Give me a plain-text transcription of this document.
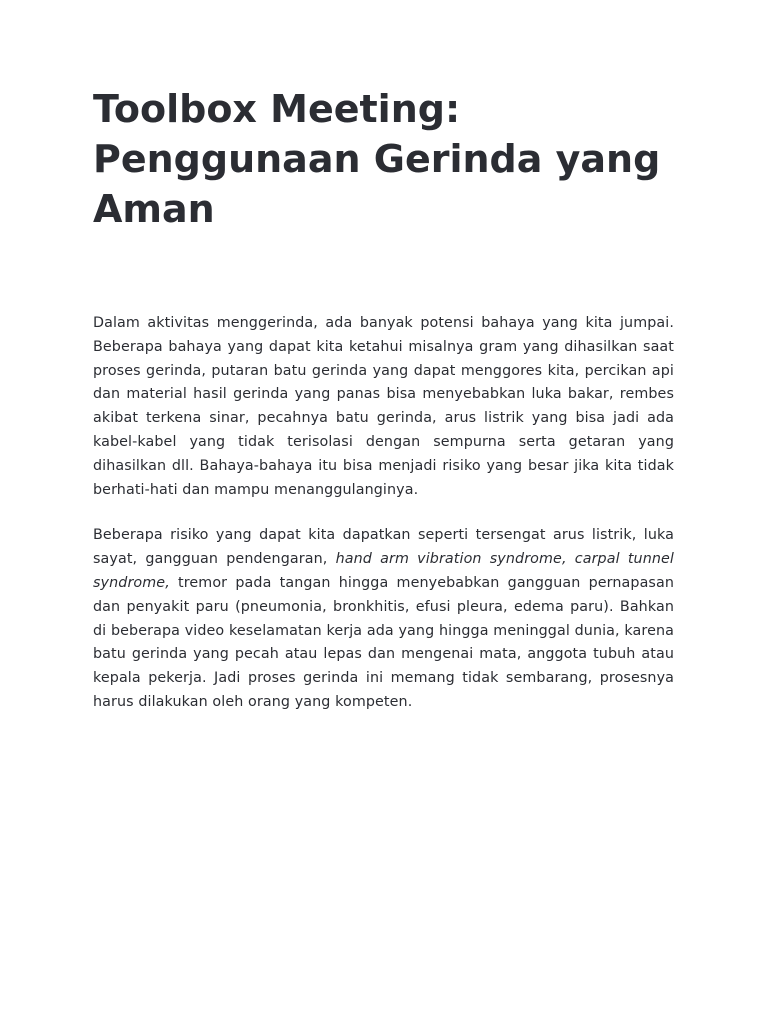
Toolbox Meeting: Penggunaan Gerinda yang Aman

Dalam aktivitas menggerinda, ada banyak potensi bahaya yang kita jumpai. Beberapa bahaya yang dapat kita ketahui misalnya gram yang dihasilkan saat proses gerinda, putaran batu gerinda yang dapat menggores kita, percikan api dan material hasil gerinda yang panas bisa menyebabkan luka bakar, rembes akibat terkena sinar, pecahnya batu gerinda, arus listrik yang bisa jadi ada kabel-kabel yang tidak terisolasi dengan sempurna serta getaran yang dihasilkan dll. Bahaya-bahaya itu bisa menjadi risiko yang besar jika kita tidak berhati-hati dan mampu menanggulanginya.

Beberapa risiko yang dapat kita dapatkan seperti tersengat arus listrik, luka sayat, gangguan pendengaran, hand arm vibration syndrome, carpal tunnel syndrome, tremor pada tangan hingga menyebabkan gangguan pernapasan dan penyakit paru (pneumonia, bronkhitis, efusi pleura, edema paru). Bahkan di beberapa video keselamatan kerja ada yang hingga meninggal dunia, karena batu gerinda yang pecah atau lepas dan mengenai mata, anggota tubuh atau kepala pekerja. Jadi proses gerinda ini memang tidak sembarang, prosesnya harus dilakukan oleh orang yang kompeten.
